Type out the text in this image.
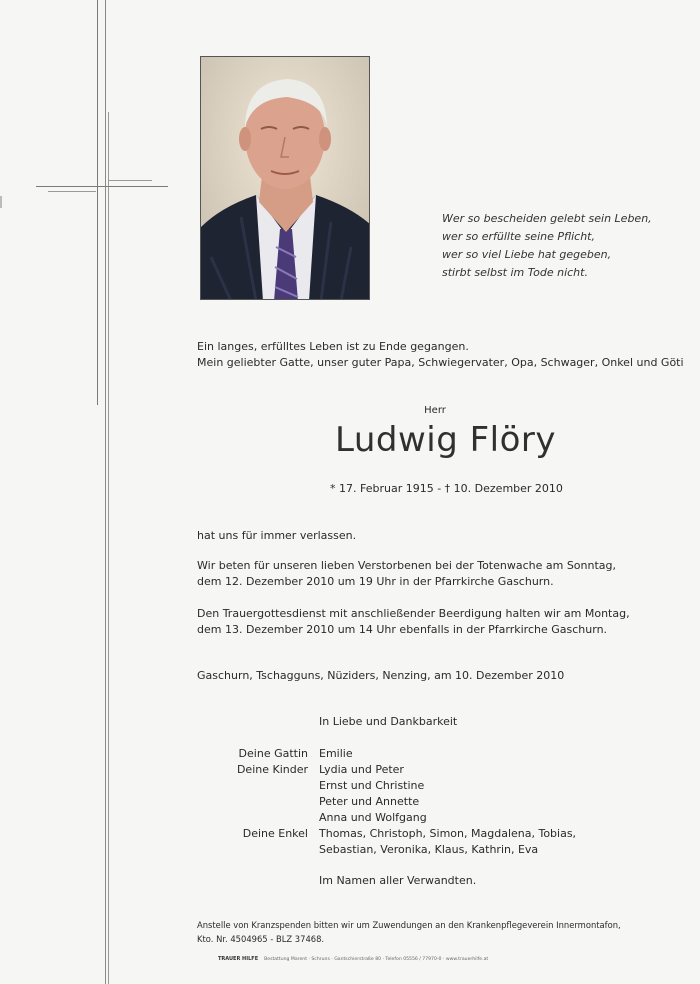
Wer so bescheiden gelebt sein Leben,
wer so erfüllte seine Pflicht,
wer so viel Liebe hat gegeben,
stirbt selbst im Tode nicht.
Ein langes, erfülltes Leben ist zu Ende gegangen.
Mein geliebter Gatte, unser guter Papa, Schwiegervater, Opa, Schwager, Onkel und Göti
Herr
Ludwig Flöry
* 17. Februar 1915 - † 10. Dezember 2010
hat uns für immer verlassen.
Wir beten für unseren lieben Verstorbenen bei der Totenwache am Sonntag,
dem 12. Dezember 2010 um 19 Uhr in der Pfarrkirche Gaschurn.
Den Trauergottesdienst mit anschließender Beerdigung halten wir am Montag,
dem 13. Dezember 2010 um 14 Uhr ebenfalls in der Pfarrkirche Gaschurn.
Gaschurn, Tschagguns, Nüziders, Nenzing, am 10. Dezember 2010
In Liebe und Dankbarkeit
Deine Gattin	Emilie
Deine Kinder	Lydia und Peter
Ernst und Christine
Peter und Annette
Anna und Wolfgang
Deine Enkel	Thomas, Christoph, Simon, Magdalena, Tobias,
Sebastian, Veronika, Klaus, Kathrin, Eva
Im Namen aller Verwandten.
Anstelle von Kranzspenden bitten wir um Zuwendungen an den Krankenpflegeverein Innermontafon,
Kto. Nr. 4504965 - BLZ 37468.
TRAUER HILFE Bestattung Marent · Schruns · Gantschierstraße 80 · Telefon 05556 / 77970-0 · www.trauerhilfe.at
